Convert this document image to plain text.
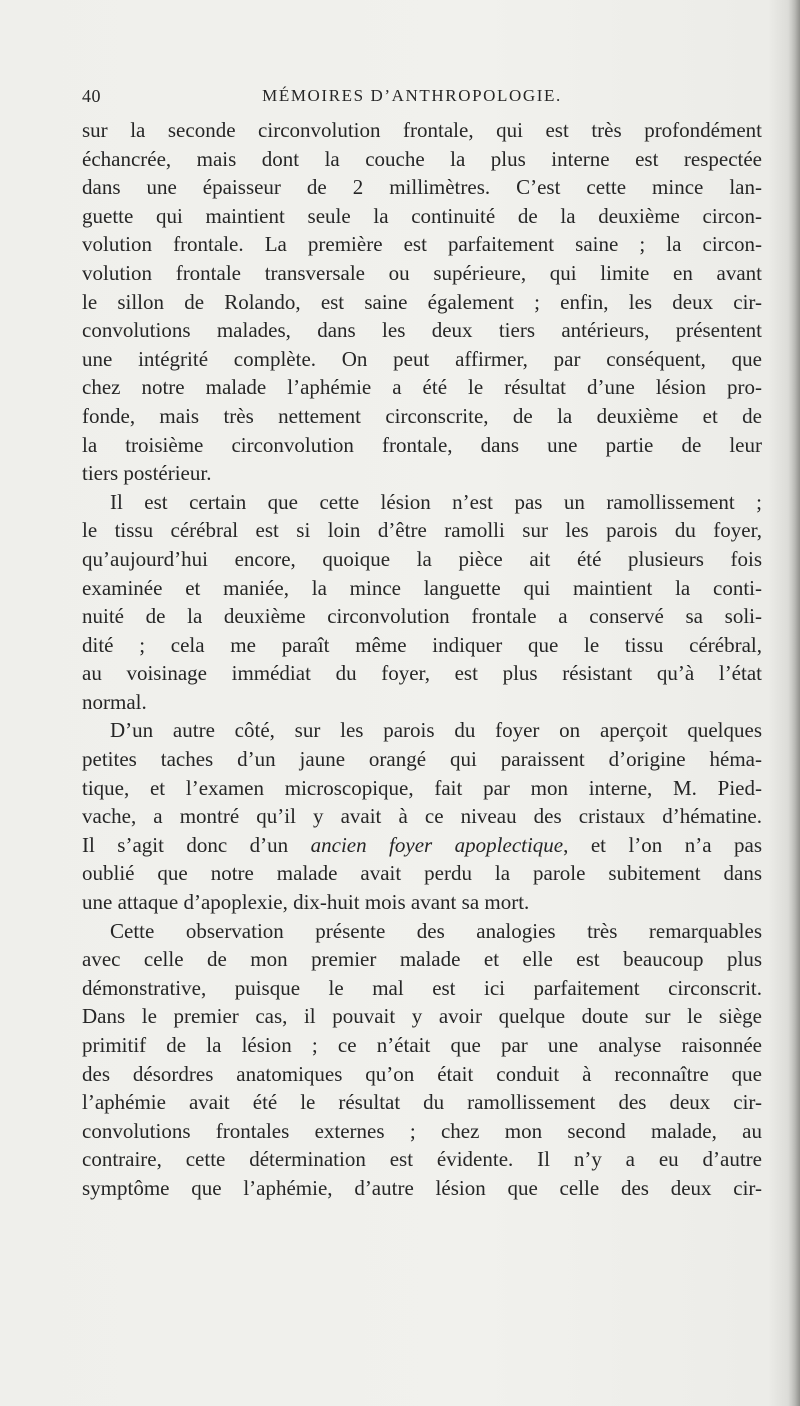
40	MÉMOIRES D’ANTHROPOLOGIE.
sur la seconde circonvolution frontale, qui est très profondément
échancrée, mais dont la couche la plus interne est respectée
dans une épaisseur de 2 millimètres. C’est cette mince lan-
guette qui maintient seule la continuité de la deuxième circon-
volution frontale. La première est parfaitement saine ; la circon-
volution frontale transversale ou supérieure, qui limite en avant
le sillon de Rolando, est saine également ; enfin, les deux cir-
convolutions malades, dans les deux tiers antérieurs, présentent
une intégrité complète. On peut affirmer, par conséquent, que
chez notre malade l’aphémie a été le résultat d’une lésion pro-
fonde, mais très nettement circonscrite, de la deuxième et de
la troisième circonvolution frontale, dans une partie de leur
tiers postérieur.
Il est certain que cette lésion n’est pas un ramollissement ;
le tissu cérébral est si loin d’être ramolli sur les parois du foyer,
qu’aujourd’hui encore, quoique la pièce ait été plusieurs fois
examinée et maniée, la mince languette qui maintient la conti-
nuité de la deuxième circonvolution frontale a conservé sa soli-
dité ; cela me paraît même indiquer que le tissu cérébral,
au voisinage immédiat du foyer, est plus résistant qu’à l’état
normal.
D’un autre côté, sur les parois du foyer on aperçoit quelques
petites taches d’un jaune orangé qui paraissent d’origine héma-
tique, et l’examen microscopique, fait par mon interne, M. Pied-
vache, a montré qu’il y avait à ce niveau des cristaux d’hématine.
Il s’agit donc d’un ancien foyer apoplectique, et l’on n’a pas
oublié que notre malade avait perdu la parole subitement dans
une attaque d’apoplexie, dix-huit mois avant sa mort.
Cette observation présente des analogies très remarquables
avec celle de mon premier malade et elle est beaucoup plus
démonstrative, puisque le mal est ici parfaitement circonscrit.
Dans le premier cas, il pouvait y avoir quelque doute sur le siège
primitif de la lésion ; ce n’était que par une analyse raisonnée
des désordres anatomiques qu’on était conduit à reconnaître que
l’aphémie avait été le résultat du ramollissement des deux cir-
convolutions frontales externes ; chez mon second malade, au
contraire, cette détermination est évidente. Il n’y a eu d’autre
symptôme que l’aphémie, d’autre lésion que celle des deux cir-
